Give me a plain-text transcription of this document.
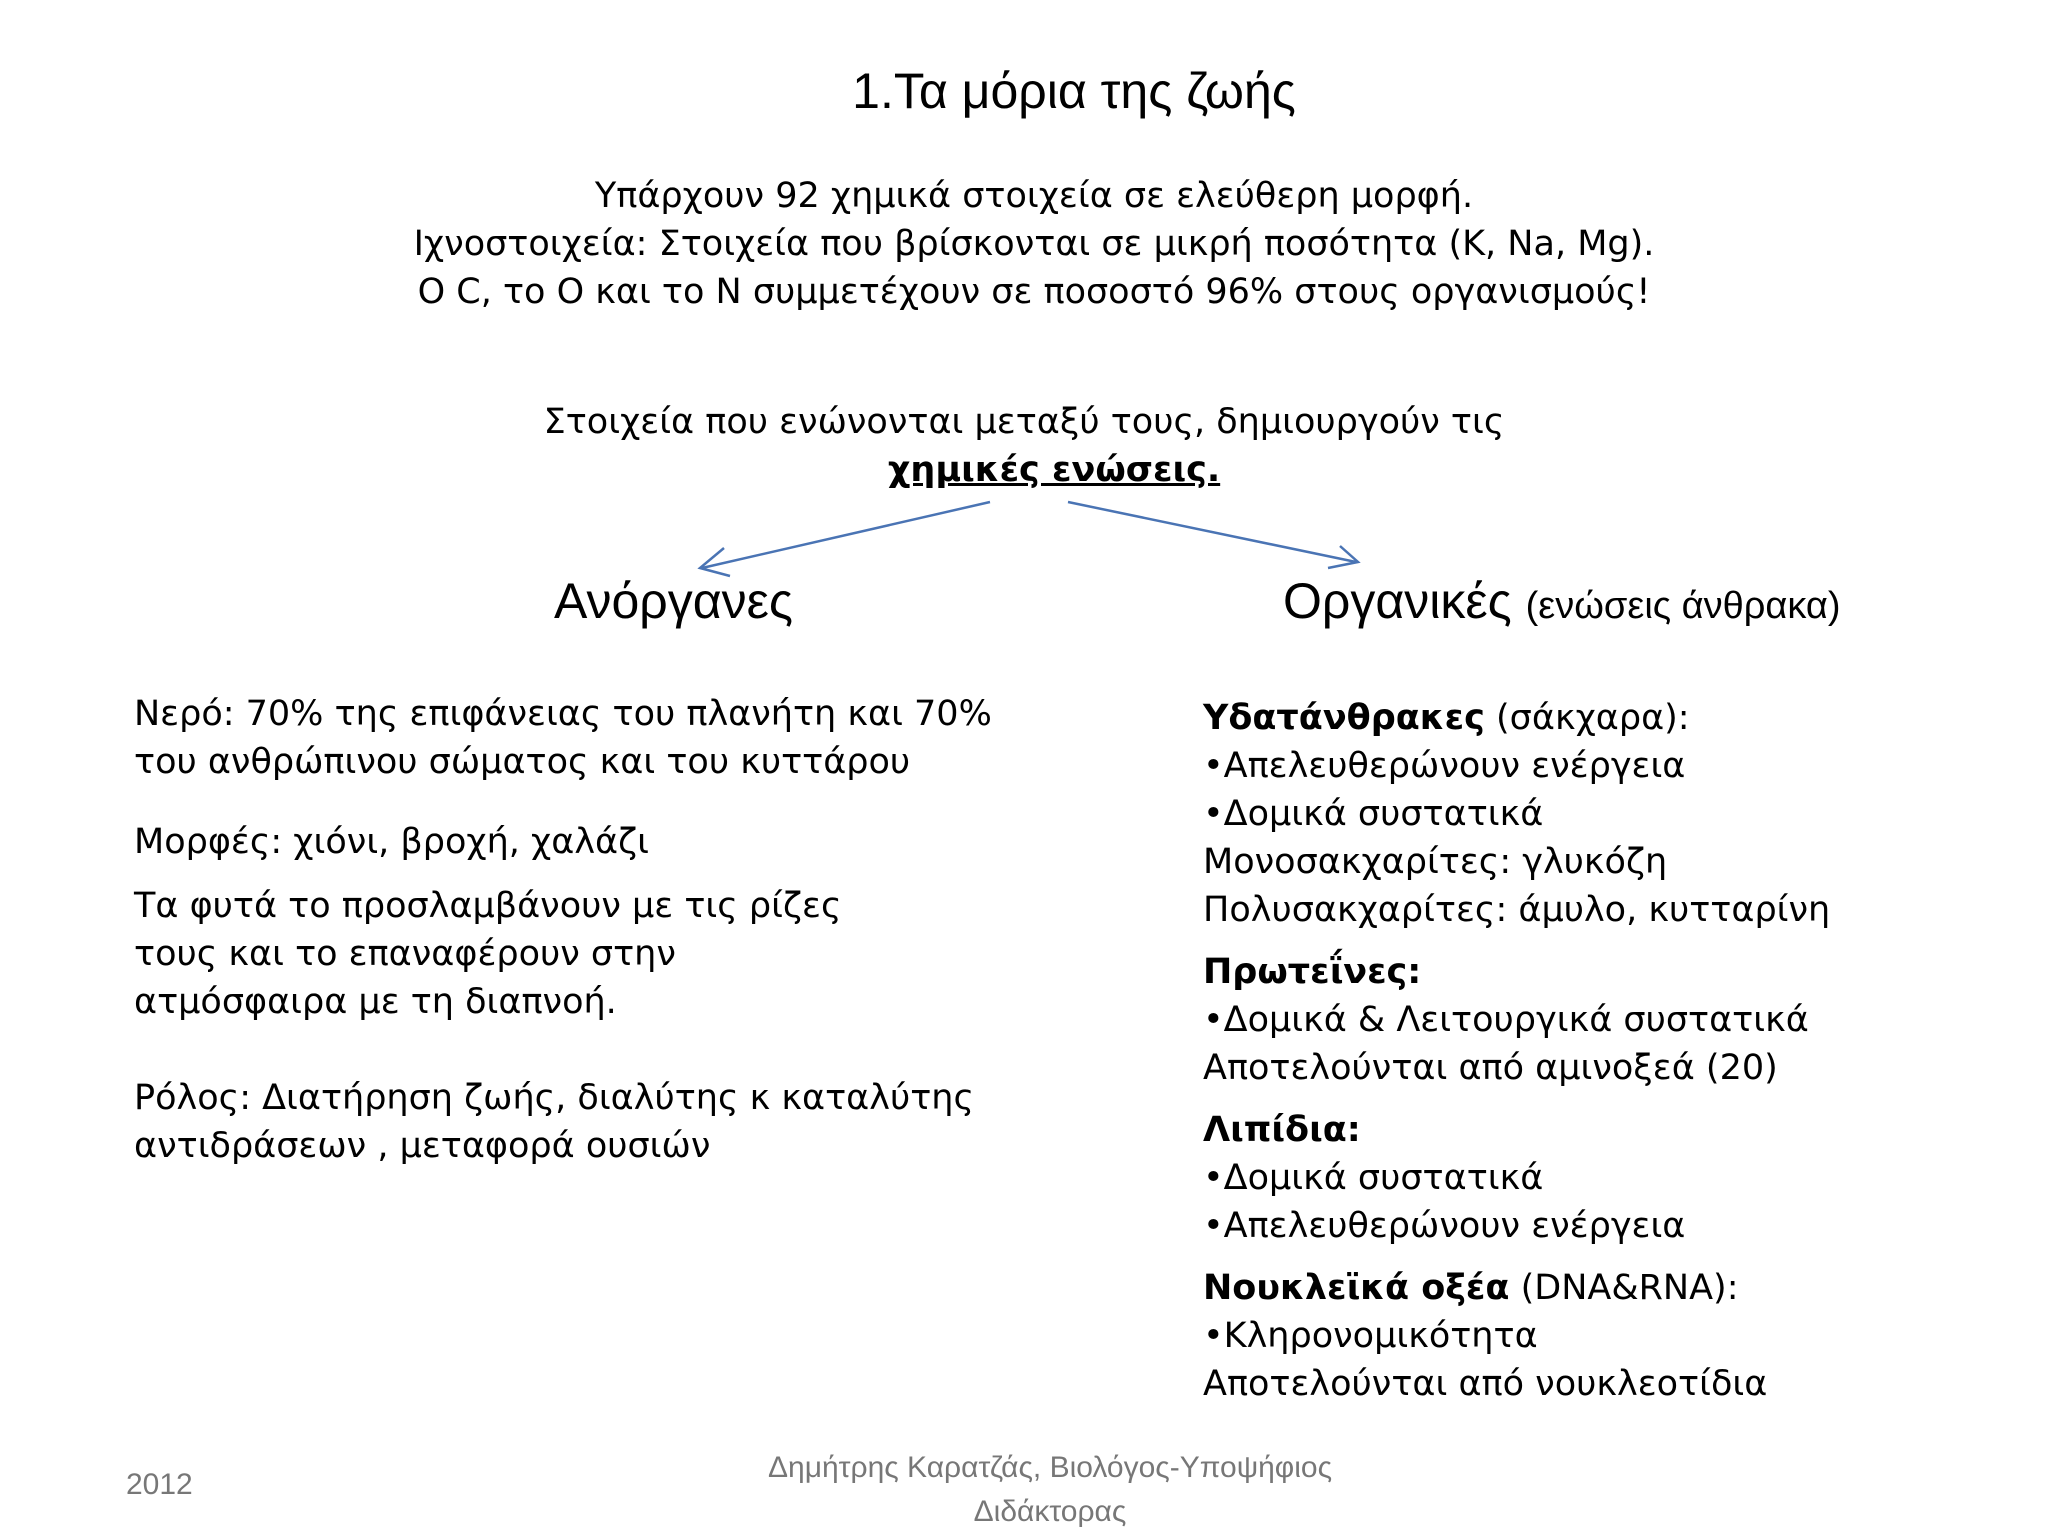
1.Τα μόρια της ζωής
Υπάρχουν 92 χημικά στοιχεία σε ελεύθερη μορφή.
Ιχνοστοιχεία: Στοιχεία που βρίσκονται σε μικρή ποσότητα (K, Na, Mg).
O C, το O και το N συμμετέχουν σε ποσοστό 96% στους οργανισμούς!
Στοιχεία που ενώνονται μεταξύ τους, δημιουργούν τις
χημικές ενώσεις.
Ανόργανες	Οργανικές (ενώσεις άνθρακα)

Νερό: 70% της επιφάνειας του πλανήτη και 70%

του ανθρώπινου σώματος και του κυττάρου

Μορφές: χιόνι, βροχή, χαλάζι

Τα φυτά το προσλαμβάνουν με τις ρίζες

τους και το επαναφέρουν στην

ατμόσφαιρα με τη διαπνοή.

Ρόλος: Διατήρηση ζωής, διαλύτης κ καταλύτης

αντιδράσεων , μεταφορά ουσιών

Υδατάνθρακες (σάκχαρα):

•Απελευθερώνουν ενέργεια

•Δομικά συστατικά

Μονοσακχαρίτες: γλυκόζη

Πολυσακχαρίτες: άμυλο, κυτταρίνη

Πρωτεΐνες:

•Δομικά & Λειτουργικά συστατικά

Αποτελούνται από αμινοξεά (20)

Λιπίδια:

•Δομικά συστατικά

•Απελευθερώνουν ενέργεια

Νουκλεϊκά οξέα (DNA&RNA):

•Κληρονομικότητα

Αποτελούνται από νουκλεοτίδια

2012
Δημήτρης Καρατζάς, Βιολόγος-Υποψήφιος
Διδάκτορας
